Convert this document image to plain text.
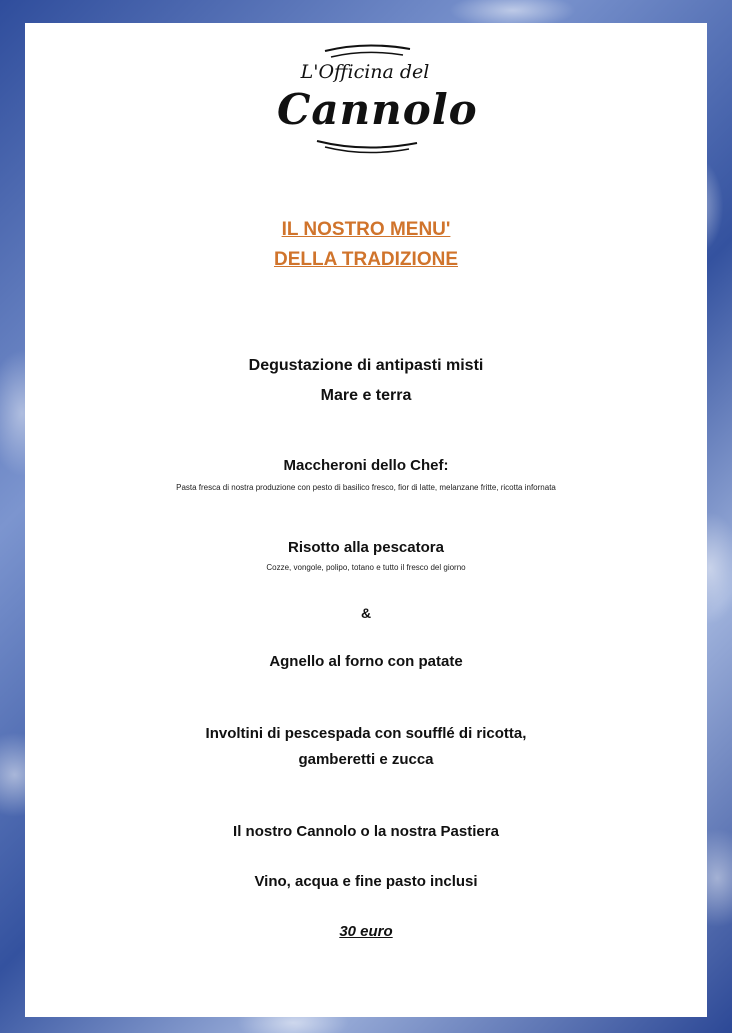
L'Officina del
Cannolo
IL NOSTRO MENU'
DELLA TRADIZIONE
Degustazione di antipasti misti
Mare e terra
Maccheroni dello Chef:
Pasta fresca di nostra produzione con pesto di basilico fresco, fior di latte, melanzane fritte, ricotta infornata
Risotto alla pescatora
Cozze, vongole, polipo, totano e tutto il fresco del giorno
&
Agnello al forno con patate
Involtini di pescespada con soufflé di ricotta,
gamberetti e zucca
Il nostro Cannolo o la nostra Pastiera
Vino, acqua e fine pasto inclusi
30 euro
